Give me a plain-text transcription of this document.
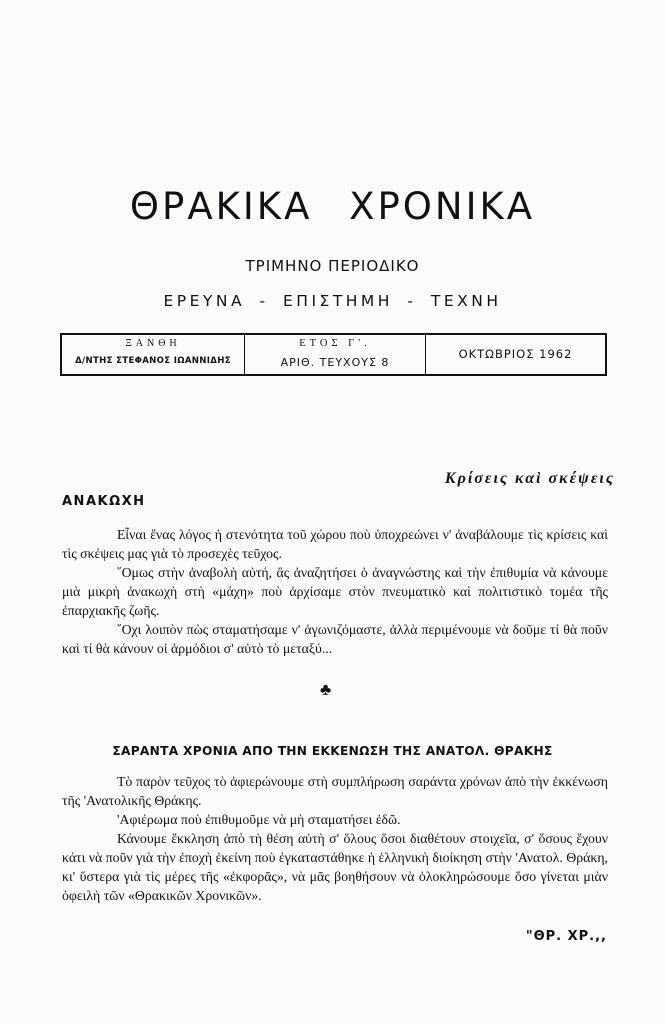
ΘΡΑΚΙΚΑ ΧΡΟΝΙΚΑ
ΤΡΙΜΗΝΟ ΠΕΡΙΟΔΙΚΟ
ΕΡΕΥΝΑ - ΕΠΙΣΤΗΜΗ - ΤΕΧΝΗ
ΞΑΝΘΗ
Δ/ΝΤΗΣ ΣΤΕΦΑΝΟΣ ΙΩΑΝΝΙΔΗΣ
ΕΤΟΣ Γ'.
ΑΡΙΘ. ΤΕΥΧΟΥΣ 8
ΟΚΤΩΒΡΙΟΣ 1962
Κρίσεις καὶ σκέψεις
ΑΝΑΚΩΧΗ

Εἶναι ἕνας λόγος ἡ στενότητα τοῦ χώρου ποὺ ὑποχρεώνει ν' ἀναβάλουμε τὶς κρίσεις καὶ τὶς σκέψεις μας γιὰ τὸ προσεχὲς τεῦχος.

῞Ομως στὴν ἀναβολὴ αὐτή, ἂς ἀναζητήσει ὁ ἀναγνώστης καὶ τὴν ἐπιθυμία νὰ κάνουμε μιὰ μικρὴ ἀνακωχὴ στὴ «μάχη» ποὺ ἀρχίσαμε στὸν πνευματικὸ καὶ πολιτιστικὸ τομέα τῆς ἐπαρχιακῆς ζωῆς.

῎Οχι λοιπὸν πὼς σταματήσαμε ν' ἀγωνιζόμαστε, ἀλλὰ περιμένουμε νὰ δοῦμε τί θὰ ποῦν καὶ τί θὰ κάνουν οἱ ἁρμόδιοι σ' αὐτὸ τὸ μεταξύ...

♣
ΣΑΡΑΝΤΑ ΧΡΟΝΙΑ ΑΠΟ ΤΗΝ ΕΚΚΕΝΩΣΗ ΤΗΣ ΑΝΑΤΟΛ. ΘΡΑΚΗΣ

Τὸ παρὸν τεῦχος τὸ ἀφιερώνουμε στὴ συμπλήρωση σαράντα χρόνων ἀπὸ τὴν ἐκκένωση τῆς 'Ανατολικῆς Θράκης.

'Αφιέρωμα ποὺ ἐπιθυμοῦμε νὰ μὴ σταματήσει ἐδῶ.

Κάνουμε ἔκκληση ἀπὸ τὴ θέση αὐτὴ σ' ὅλους ὅσοι διαθέτουν στοιχεῖα, σ' ὅσους ἔχουν κάτι νὰ ποῦν γιὰ τὴν ἐποχὴ ἐκείνη ποὺ ἐγκαταστάθηκε ἡ ἑλληνικὴ διοίκηση στὴν 'Ανατολ. Θράκη, κι' ὕστερα γιὰ τὶς μέρες τῆς «ἐκφορᾶς», νὰ μᾶς βοηθήσουν νὰ ὁλοκληρώσουμε ὅσο γίνεται μιὰν ὀφειλὴ τῶν «Θρακικῶν Χρονικῶν».

"ΘΡ. ΧΡ.,,
